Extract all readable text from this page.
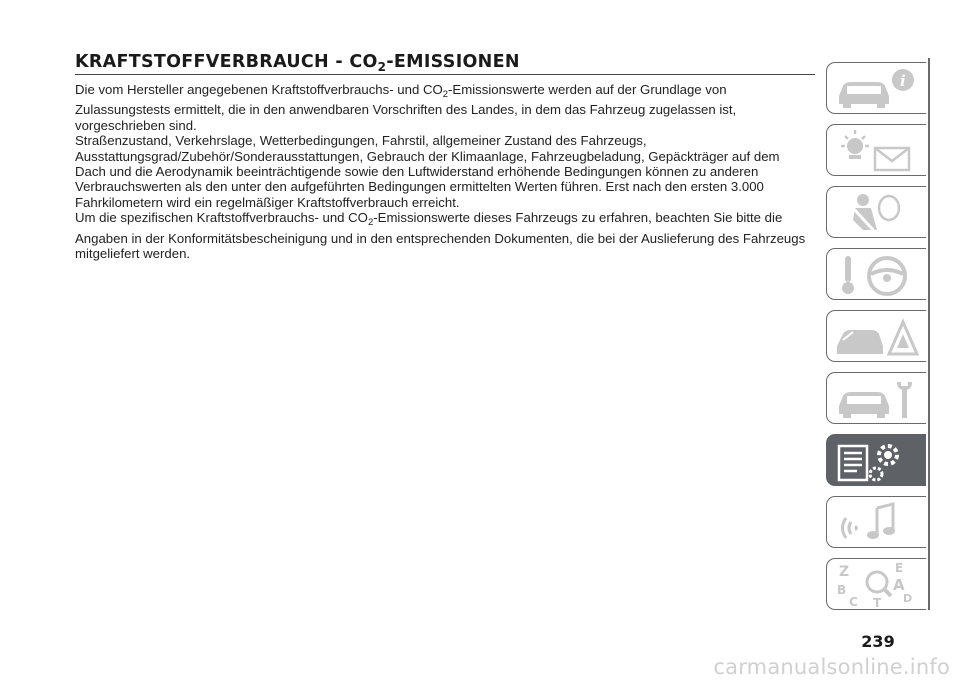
KRAFTSTOFFVERBRAUCH - $CO_2$-EMISSIONEN

Die vom Hersteller angegebenen Kraftstoffverbrauchs- und $CO_2$-Emissionswerte werden auf der Grundlage von Zulassungstests ermittelt, die in den anwendbaren Vorschriften des Landes, in dem das Fahrzeug zugelassen ist, vorgeschrieben sind.

Straßenzustand, Verkehrslage, Wetterbedingungen, Fahrstil, allgemeiner Zustand des Fahrzeugs, Ausstattungsgrad/Zubehör/Sonderausstattungen, Gebrauch der Klimaanlage, Fahrzeugbeladung, Gepäckträger auf dem Dach und die Aerodynamik beeinträchtigende sowie den Luftwiderstand erhöhende Bedingungen können zu anderen Verbrauchswerten als den unter den aufgeführten Bedingungen ermittelten Werten führen. Erst nach den ersten 3.000 Fahrkilometern wird ein regelmäßiger Kraftstoffverbrauch erreicht.

Um die spezifischen Kraftstoffverbrauchs- und $CO_2$-Emissionswerte dieses Fahrzeugs zu erfahren, beachten Sie bitte die Angaben in der Konformitätsbescheinigung und in den entsprechenden Dokumenten, die bei der Auslieferung des Fahrzeugs mitgeliefert werden.

i
Z	E
B	A
C	D
T
239
carmanualsonline.info
